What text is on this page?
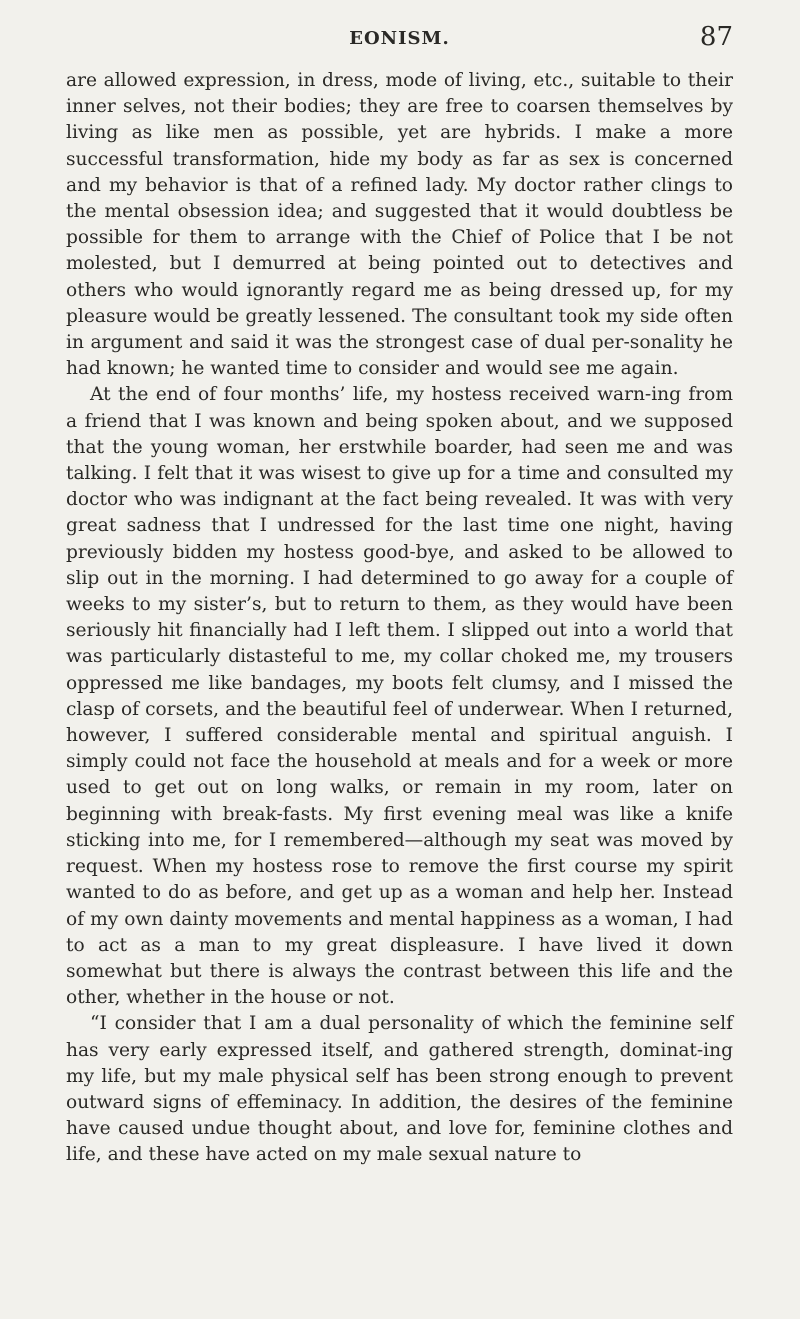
EONISM.	87

are allowed expression, in dress, mode of living, etc., suitable to their inner selves, not their bodies; they are free to coarsen themselves by living as like men as possible, yet are hybrids. I make a more successful transformation, hide my body as far as sex is concerned and my behavior is that of a refined lady. My doctor rather clings to the mental obsession idea; and suggested that it would doubtless be possible for them to arrange with the Chief of Police that I be not molested, but I demurred at being pointed out to detectives and others who would ignorantly regard me as being dressed up, for my pleasure would be greatly lessened. The consultant took my side often in argument and said it was the strongest case of dual per-sonality he had known; he wanted time to consider and would see me again.

At the end of four months’ life, my hostess received warn-ing from a friend that I was known and being spoken about, and we supposed that the young woman, her erstwhile boarder, had seen me and was talking. I felt that it was wisest to give up for a time and consulted my doctor who was indignant at the fact being revealed. It was with very great sadness that I undressed for the last time one night, having previously bidden my hostess good-bye, and asked to be allowed to slip out in the morning. I had determined to go away for a couple of weeks to my sister’s, but to return to them, as they would have been seriously hit financially had I left them. I slipped out into a world that was particularly distasteful to me, my collar choked me, my trousers oppressed me like bandages, my boots felt clumsy, and I missed the clasp of corsets, and the beautiful feel of underwear. When I returned, however, I suffered considerable mental and spiritual anguish. I simply could not face the household at meals and for a week or more used to get out on long walks, or remain in my room, later on beginning with break-fasts. My first evening meal was like a knife sticking into me, for I remembered—although my seat was moved by request. When my hostess rose to remove the first course my spirit wanted to do as before, and get up as a woman and help her. Instead of my own dainty movements and mental happiness as a woman, I had to act as a man to my great displeasure. I have lived it down somewhat but there is always the contrast between this life and the other, whether in the house or not.

“I consider that I am a dual personality of which the feminine self has very early expressed itself, and gathered strength, dominat-ing my life, but my male physical self has been strong enough to prevent outward signs of effeminacy. In addition, the desires of the feminine have caused undue thought about, and love for, feminine clothes and life, and these have acted on my male sexual nature to
